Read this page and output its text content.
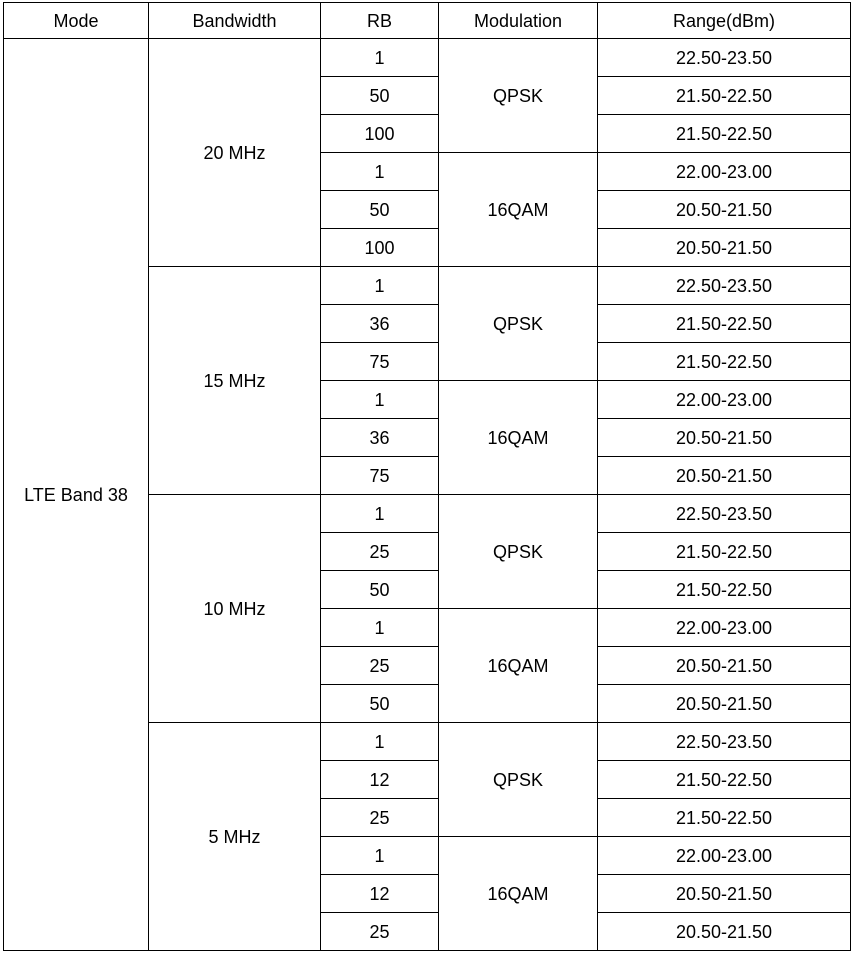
Mode	Bandwidth	RB	Modulation	Range(dBm)
LTE Band 38	20 MHz	1	QPSK	22.50-23.50
		50		21.50-22.50
		100		21.50-22.50
		1	16QAM	22.00-23.00
		50		20.50-21.50
		100		20.50-21.50
	15 MHz	1	QPSK	22.50-23.50
		36		21.50-22.50
		75		21.50-22.50
		1	16QAM	22.00-23.00
		36		20.50-21.50
		75		20.50-21.50
	10 MHz	1	QPSK	22.50-23.50
		25		21.50-22.50
		50		21.50-22.50
		1	16QAM	22.00-23.00
		25		20.50-21.50
		50		20.50-21.50
	5 MHz	1	QPSK	22.50-23.50
		12		21.50-22.50
		25		21.50-22.50
		1	16QAM	22.00-23.00
		12		20.50-21.50
		25		20.50-21.50
